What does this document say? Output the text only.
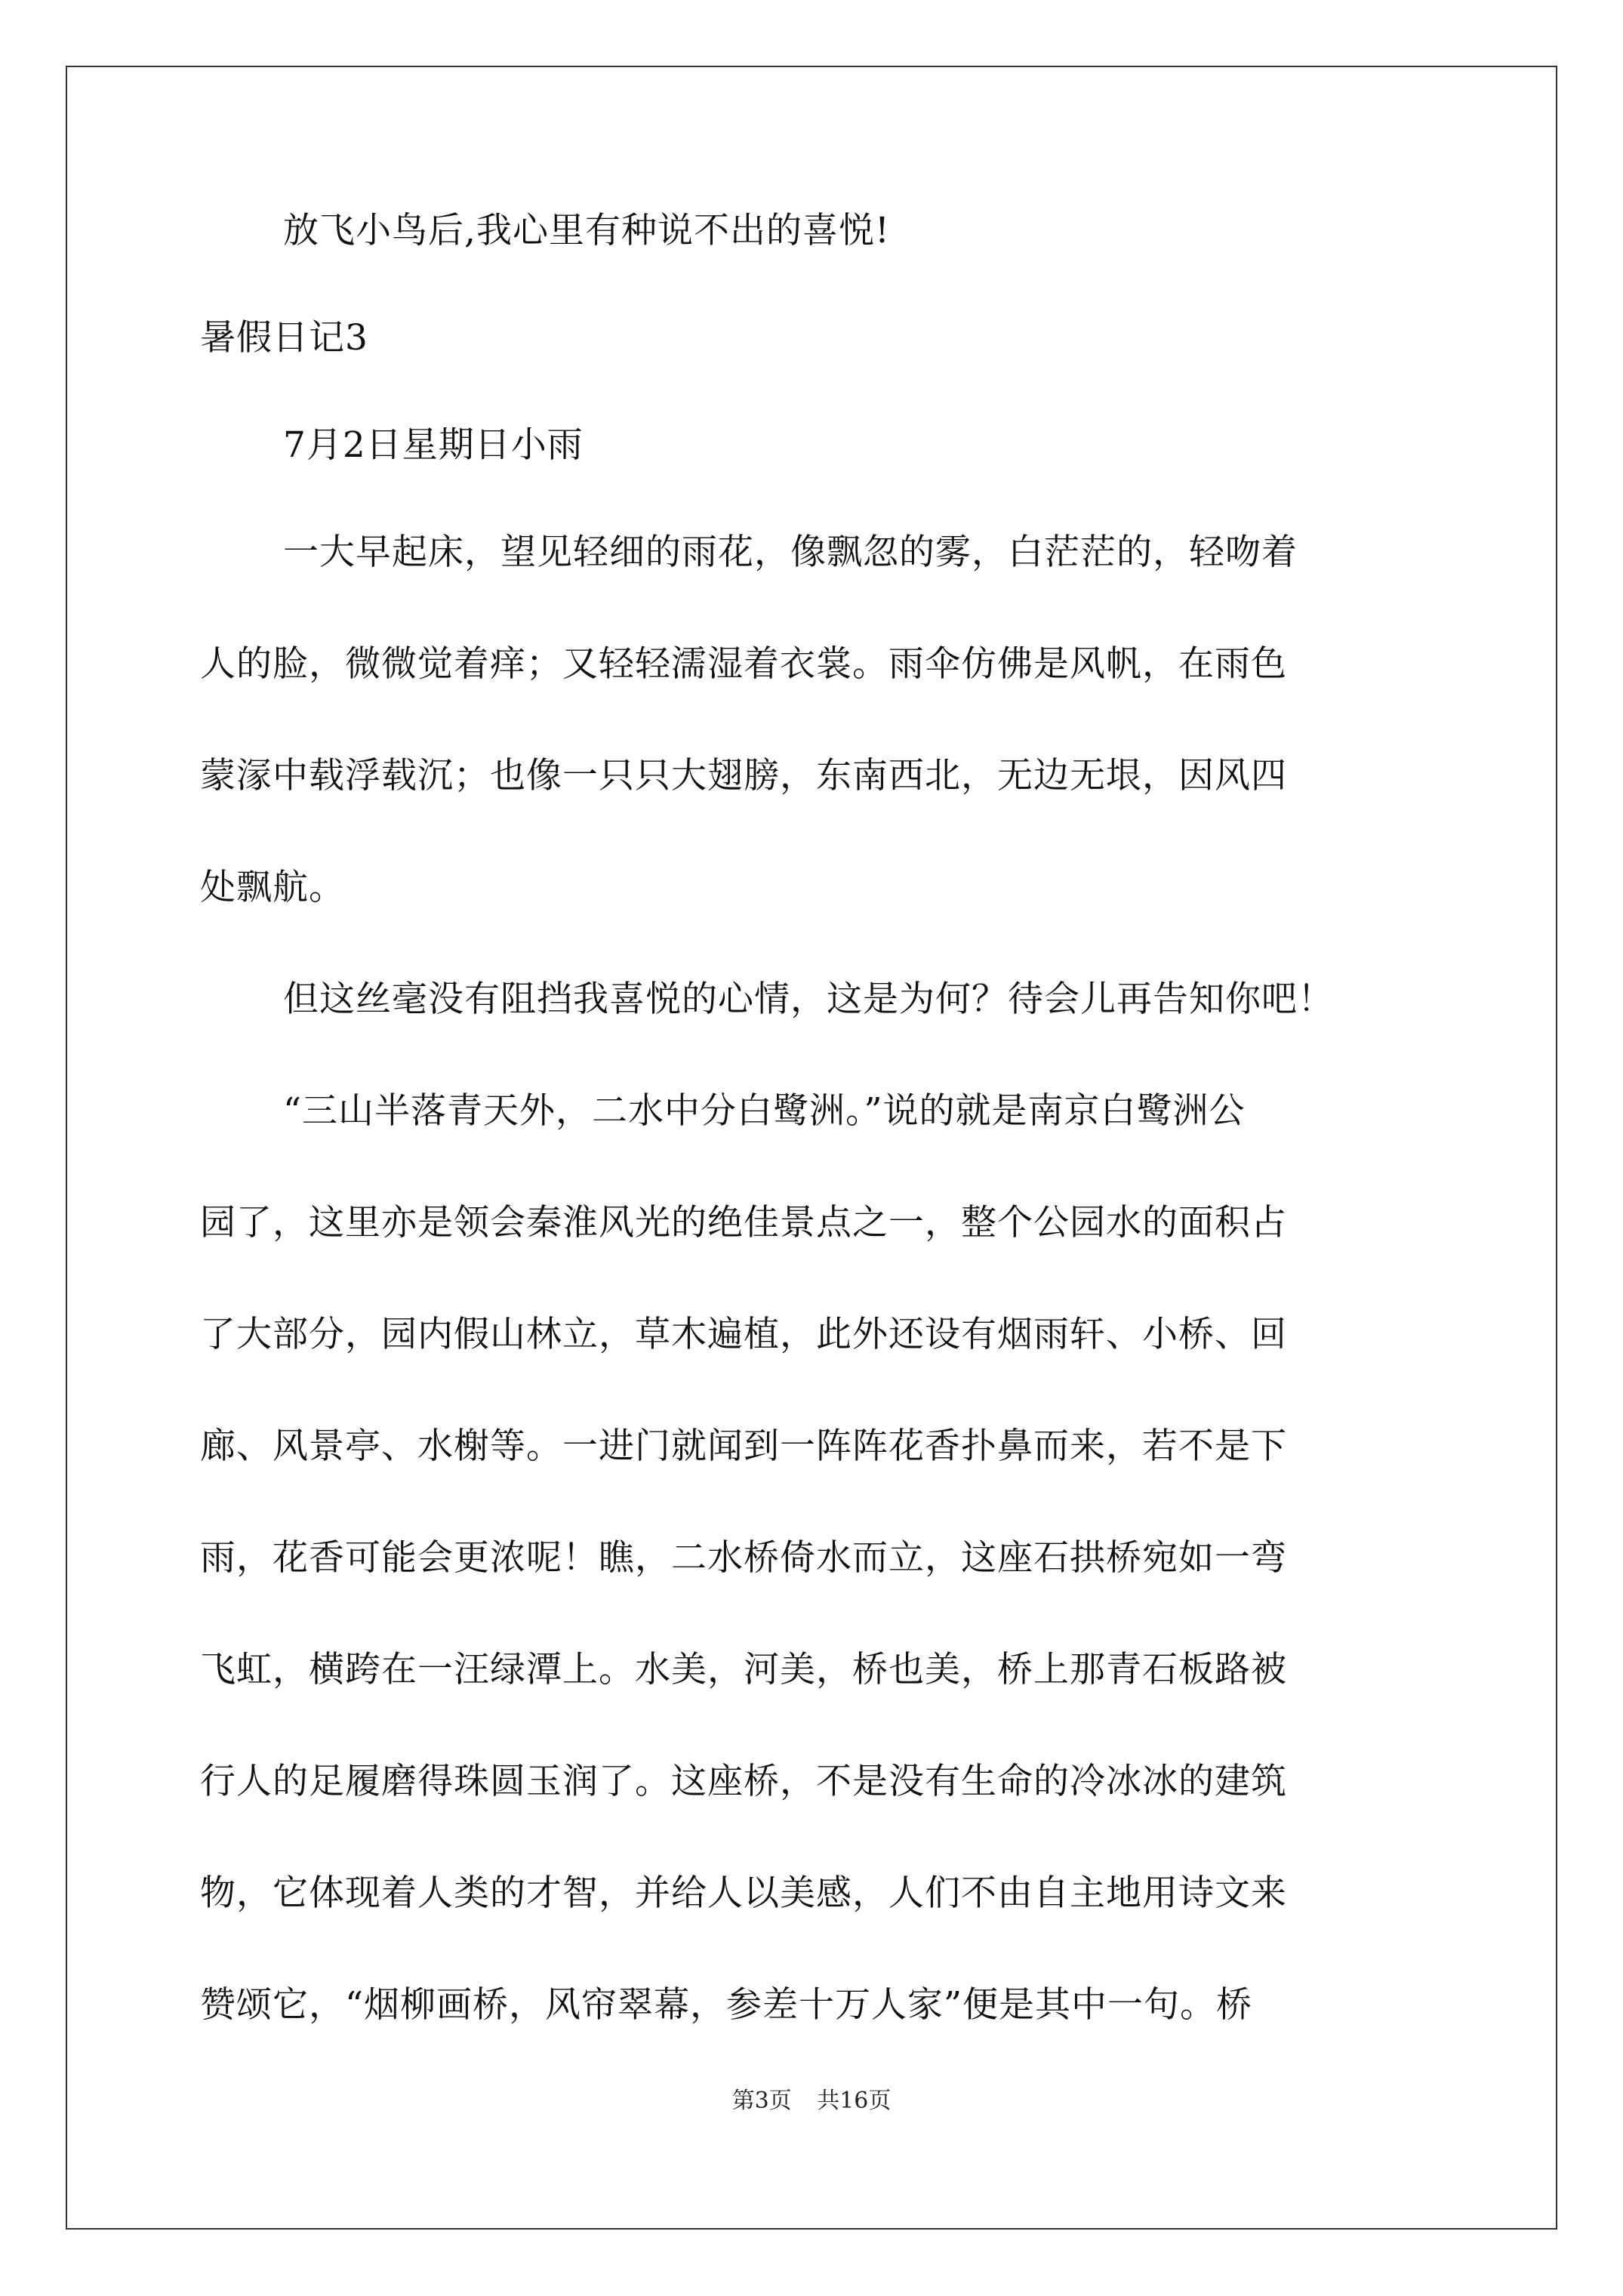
放飞小鸟后,我心里有种说不出的喜悦!

暑假日记3

7月2日星期日小雨

一大早起床，望见轻细的雨花，像飘忽的雾，白茫茫的，轻吻着

人的脸，微微觉着痒；又轻轻濡湿着衣裳。雨伞仿佛是风帆，在雨色

蒙溕中载浮载沉；也像一只只大翅膀，东南西北，无边无垠，因风四

处飘航。

但这丝毫没有阻挡我喜悦的心情，这是为何？待会儿再告知你吧！

“三山半落青天外，二水中分白鹭洲。”说的就是南京白鹭洲公

园了，这里亦是领会秦淮风光的绝佳景点之一，整个公园水的面积占

了大部分，园内假山林立，草木遍植，此外还设有烟雨轩、小桥、回

廊、风景亭、水榭等。一进门就闻到一阵阵花香扑鼻而来，若不是下

雨，花香可能会更浓呢！瞧，二水桥倚水而立，这座石拱桥宛如一弯

飞虹，横跨在一汪绿潭上。水美，河美，桥也美，桥上那青石板路被

行人的足履磨得珠圆玉润了。这座桥，不是没有生命的冷冰冰的建筑

物，它体现着人类的才智，并给人以美感，人们不由自主地用诗文来

赞颂它，“烟柳画桥，风帘翠幕，参差十万人家”便是其中一句。桥

第3页 共16页
